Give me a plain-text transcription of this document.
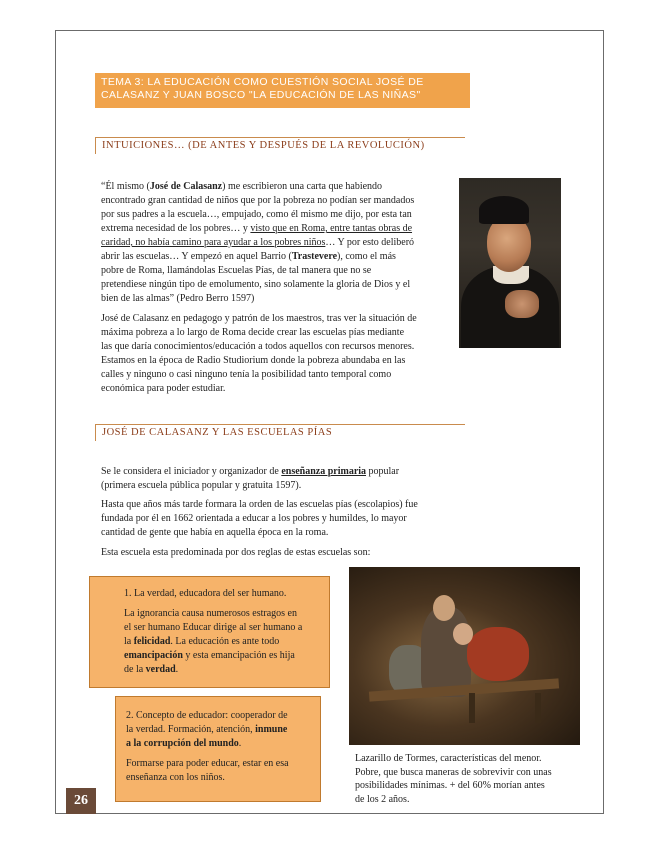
TEMA 3: LA EDUCACIÓN COMO CUESTIÓN SOCIAL JOSÉ DE
CALASANZ Y JUAN BOSCO "LA EDUCACIÓN DE LAS NIÑAS"
INTUICIONES… (DE ANTES Y DESPUÉS DE LA REVOLUCIÓN)
“Él mismo (José de Calasanz) me escribieron una carta que habiendo
encontrado gran cantidad de niños que por la pobreza no podían ser mandados
por sus padres a la escuela…, empujado, como él mismo me dijo, por esta tan
extrema necesidad de los pobres… y visto que en Roma, entre tantas obras de
caridad, no había camino para ayudar a los pobres niños… Y por esto deliberó
abrir las escuelas… Y empezó en aquel Barrio (Trastevere), como el más
pobre de Roma, llamándolas Escuelas Pías, de tal manera que no se
pretendiese ningún tipo de emolumento, sino solamente la gloria de Dios y el
bien de las almas” (Pedro Berro 1597)
José de Calasanz en pedagogo y patrón de los maestros, tras ver la situación de
máxima pobreza a lo largo de Roma decide crear las escuelas pías mediante
las que daría conocimientos/educación a todos aquellos con recursos menores.
Estamos en la época de Radio Studiorium donde la pobreza abundaba en las
calles y ninguno o casi ninguno tenía la posibilidad tanto temporal como
económica para poder estudiar.
JOSÉ DE CALASANZ Y LAS ESCUELAS PÍAS
Se le considera el iniciador y organizador de enseñanza primaria popular
(primera escuela pública popular y gratuita 1597).
Hasta que años más tarde formara la orden de las escuelas pías (escolapios) fue
fundada por él en 1662 orientada a educar a los pobres y humildes, lo mayor
cantidad de gente que había en aquella época en la roma.
Esta escuela esta predominada por dos reglas de estas escuelas son:
1. La verdad, educadora del ser humano.
La ignorancia causa numerosos estragos en
el ser humano Educar dirige al ser humano a
la felicidad. La educación es ante todo
emancipación y esta emancipación es hija
de la verdad.
2. Concepto de educador: cooperador de
la verdad. Formación, atención, inmune
a la corrupción del mundo.
Formarse para poder educar, estar en esa
enseñanza con los niños.
Lazarillo de Tormes, características del menor.
Pobre, que busca maneras de sobrevivir con unas
posibilidades mínimas. + del 60% morían antes
de los 2 años.
26
